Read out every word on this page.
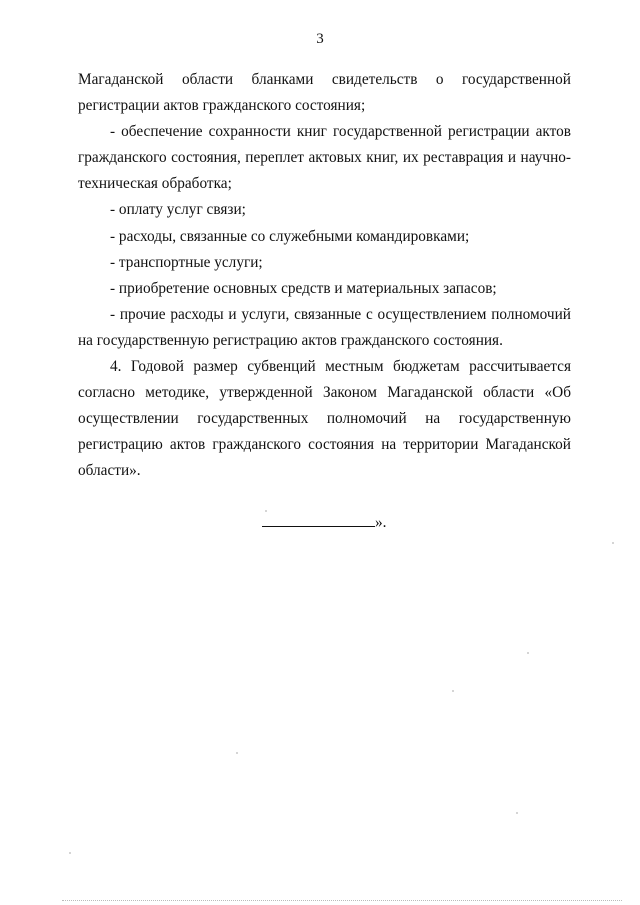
3

Магаданской области бланками свидетельств о государственной регистрации актов гражданского состояния;

- обеспечение сохранности книг государственной регистрации актов гражданского состояния, переплет актовых книг, их реставрация и научно-техническая обработка;

- оплату услуг связи;

- расходы, связанные со служебными командировками;

- транспортные услуги;

- приобретение основных средств и материальных запасов;

- прочие расходы и услуги, связанные с осуществлением полномочий на государственную регистрацию актов гражданского состояния.

4. Годовой размер субвенций местным бюджетам рассчитывается согласно методике, утвержденной Законом Магаданской области «Об осуществлении государственных полномочий на государственную регистрацию актов гражданского состояния на территории Магаданской области».

».
